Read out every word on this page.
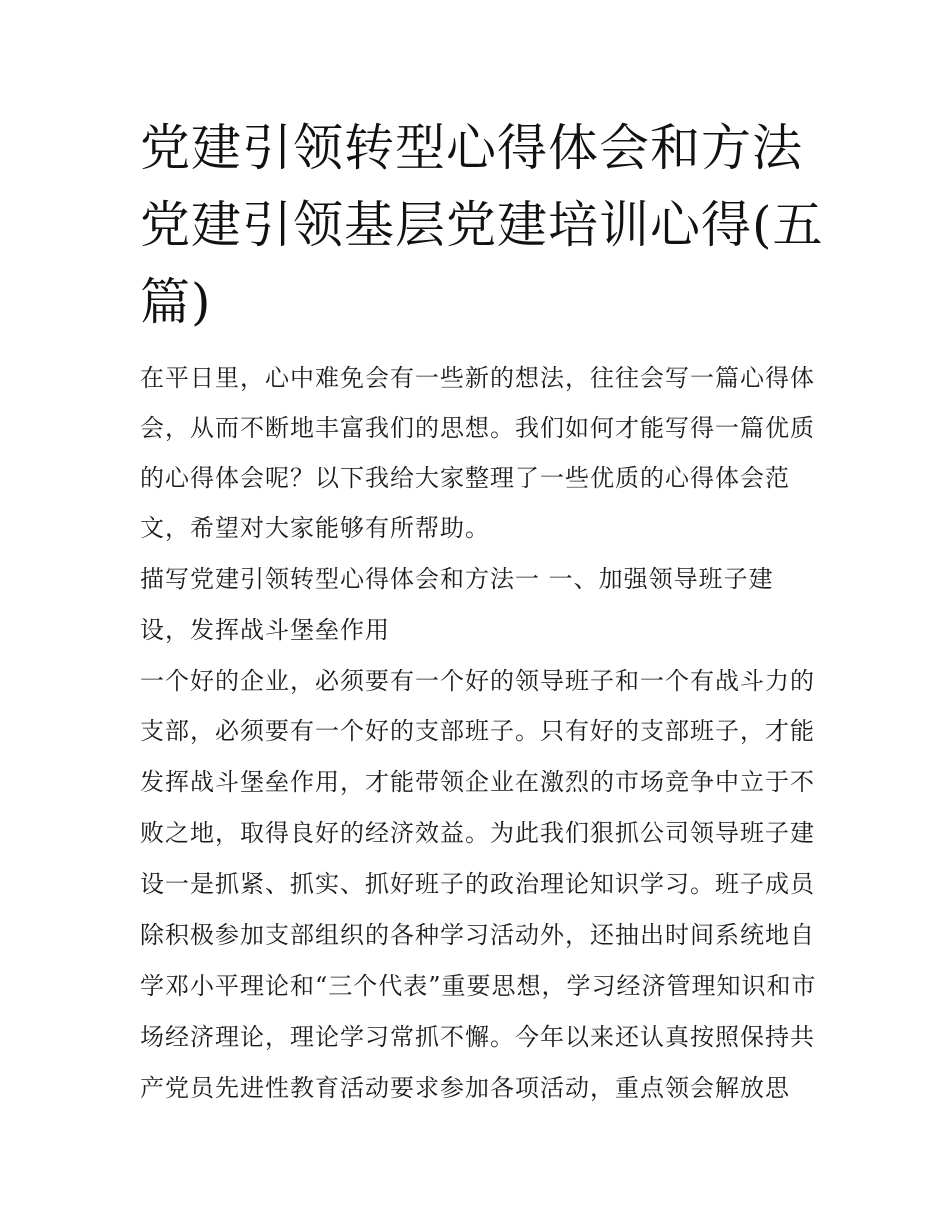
党建引领转型心得体会和方法
党建引领基层党建培训心得(五
篇)
在平日里，心中难免会有一些新的想法，往往会写一篇心得体
会，从而不断地丰富我们的思想。我们如何才能写得一篇优质
的心得体会呢？以下我给大家整理了一些优质的心得体会范
文，希望对大家能够有所帮助。
描写党建引领转型心得体会和方法一 一、加强领导班子建
设，发挥战斗堡垒作用
一个好的企业，必须要有一个好的领导班子和一个有战斗力的
支部，必须要有一个好的支部班子。只有好的支部班子，才能
发挥战斗堡垒作用，才能带领企业在激烈的市场竞争中立于不
败之地，取得良好的经济效益。为此我们狠抓公司领导班子建
设一是抓紧、抓实、抓好班子的政治理论知识学习。班子成员
除积极参加支部组织的各种学习活动外，还抽出时间系统地自
学邓小平理论和“三个代表”重要思想，学习经济管理知识和市
场经济理论，理论学习常抓不懈。今年以来还认真按照保持共
产党员先进性教育活动要求参加各项活动，重点领会解放思
